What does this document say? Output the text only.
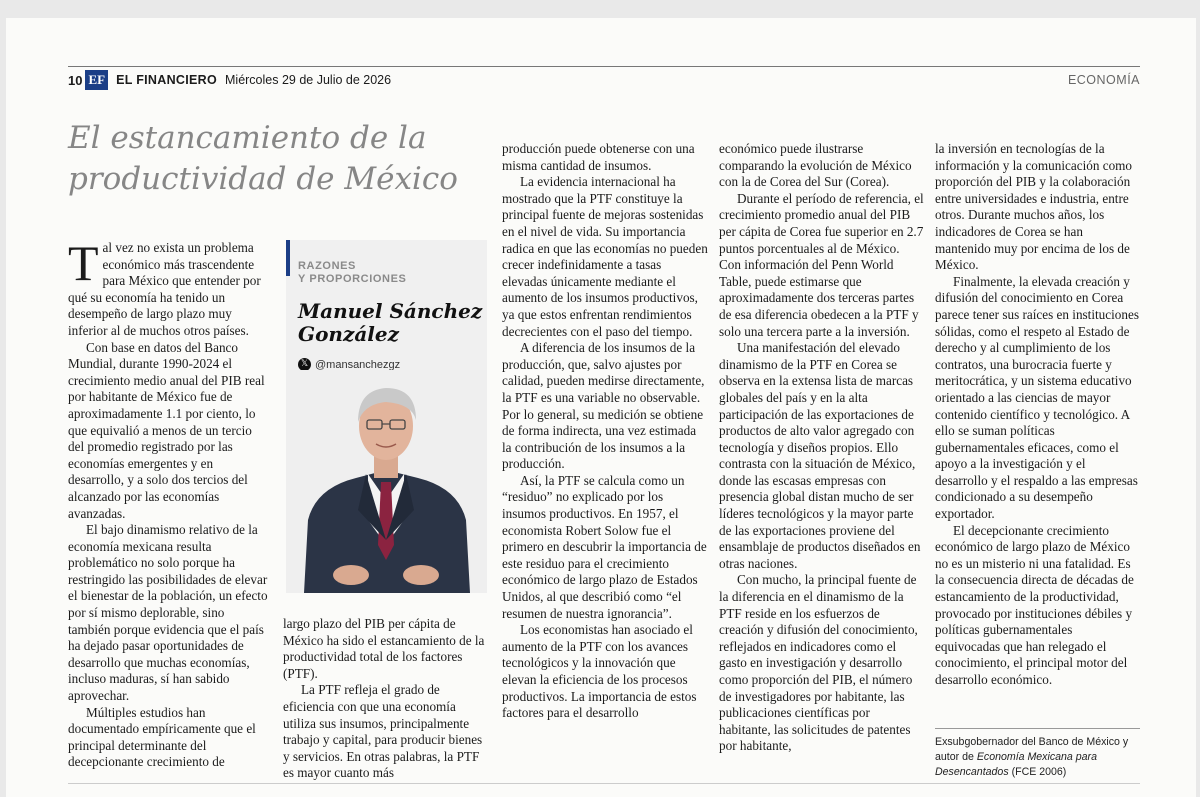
10 EF EL FINANCIERO Miércoles 29 de Julio de 2026	ECONOMÍA
El estancamiento de la productividad de México

Tal vez no exista un problema económico más trascendente para México que entender por qué su economía ha tenido un desempeño de largo plazo muy inferior al de muchos otros países.

Con base en datos del Banco Mundial, durante 1990-2024 el crecimiento medio anual del PIB real por habitante de México fue de aproximadamente 1.1 por ciento, lo que equivalió a menos de un tercio del promedio registrado por las economías emergentes y en desarrollo, y a solo dos tercios del alcanzado por las economías avanzadas.

El bajo dinamismo relativo de la economía mexicana resulta problemático no solo porque ha restringido las posibilidades de elevar el bienestar de la población, un efecto por sí mismo deplorable, sino también porque evidencia que el país ha dejado pasar oportunidades de desarrollo que muchas economías, incluso maduras, sí han sabido aprovechar.

Múltiples estudios han documentado empíricamente que el principal determinante del decepcionante crecimiento de

RAZONES
Y PROPORCIONES
Manuel Sánchez González
𝕏 @mansanchezgz

largo plazo del PIB per cápita de México ha sido el estancamiento de la productividad total de los factores (PTF).

La PTF refleja el grado de eficiencia con que una economía utiliza sus insumos, principalmente trabajo y capital, para producir bienes y servicios. En otras palabras, la PTF es mayor cuanto más

producción puede obtenerse con una misma cantidad de insumos.

La evidencia internacional ha mostrado que la PTF constituye la principal fuente de mejoras sostenidas en el nivel de vida. Su importancia radica en que las economías no pueden crecer indefinidamente a tasas elevadas únicamente mediante el aumento de los insumos productivos, ya que estos enfrentan rendimientos decrecientes con el paso del tiempo.

A diferencia de los insumos de la producción, que, salvo ajustes por calidad, pueden medirse directamente, la PTF es una variable no observable. Por lo general, su medición se obtiene de forma indirecta, una vez estimada la contribución de los insumos a la producción.

Así, la PTF se calcula como un “residuo” no explicado por los insumos productivos. En 1957, el economista Robert Solow fue el primero en descubrir la importancia de este residuo para el crecimiento económico de largo plazo de Estados Unidos, al que describió como “el resumen de nuestra ignorancia”.

Los economistas han asociado el aumento de la PTF con los avances tecnológicos y la innovación que elevan la eficiencia de los procesos productivos. La importancia de estos factores para el desarrollo

económico puede ilustrarse comparando la evolución de México con la de Corea del Sur (Corea).

Durante el período de referencia, el crecimiento promedio anual del PIB per cápita de Corea fue superior en 2.7 puntos porcentuales al de México. Con información del Penn World Table, puede estimarse que aproximadamente dos terceras partes de esa diferencia obedecen a la PTF y solo una tercera parte a la inversión.

Una manifestación del elevado dinamismo de la PTF en Corea se observa en la extensa lista de marcas globales del país y en la alta participación de las exportaciones de productos de alto valor agregado con tecnología y diseños propios. Ello contrasta con la situación de México, donde las escasas empresas con presencia global distan mucho de ser líderes tecnológicos y la mayor parte de las exportaciones proviene del ensamblaje de productos diseñados en otras naciones.

Con mucho, la principal fuente de la diferencia en el dinamismo de la PTF reside en los esfuerzos de creación y difusión del conocimiento, reflejados en indicadores como el gasto en investigación y desarrollo como proporción del PIB, el número de investigadores por habitante, las publicaciones científicas por habitante, las solicitudes de patentes por habitante,

la inversión en tecnologías de la información y la comunicación como proporción del PIB y la colaboración entre universidades e industria, entre otros. Durante muchos años, los indicadores de Corea se han mantenido muy por encima de los de México.

Finalmente, la elevada creación y difusión del conocimiento en Corea parece tener sus raíces en instituciones sólidas, como el respeto al Estado de derecho y al cumplimiento de los contratos, una burocracia fuerte y meritocrática, y un sistema educativo orientado a las ciencias de mayor contenido científico y tecnológico. A ello se suman políticas gubernamentales eficaces, como el apoyo a la investigación y el desarrollo y el respaldo a las empresas condicionado a su desempeño exportador.

El decepcionante crecimiento económico de largo plazo de México no es un misterio ni una fatalidad. Es la consecuencia directa de décadas de estancamiento de la productividad, provocado por instituciones débiles y políticas gubernamentales equivocadas que han relegado el conocimiento, el principal motor del desarrollo económico.

Exsubgobernador del Banco de México y autor de Economía Mexicana para Desencantados (FCE 2006)
